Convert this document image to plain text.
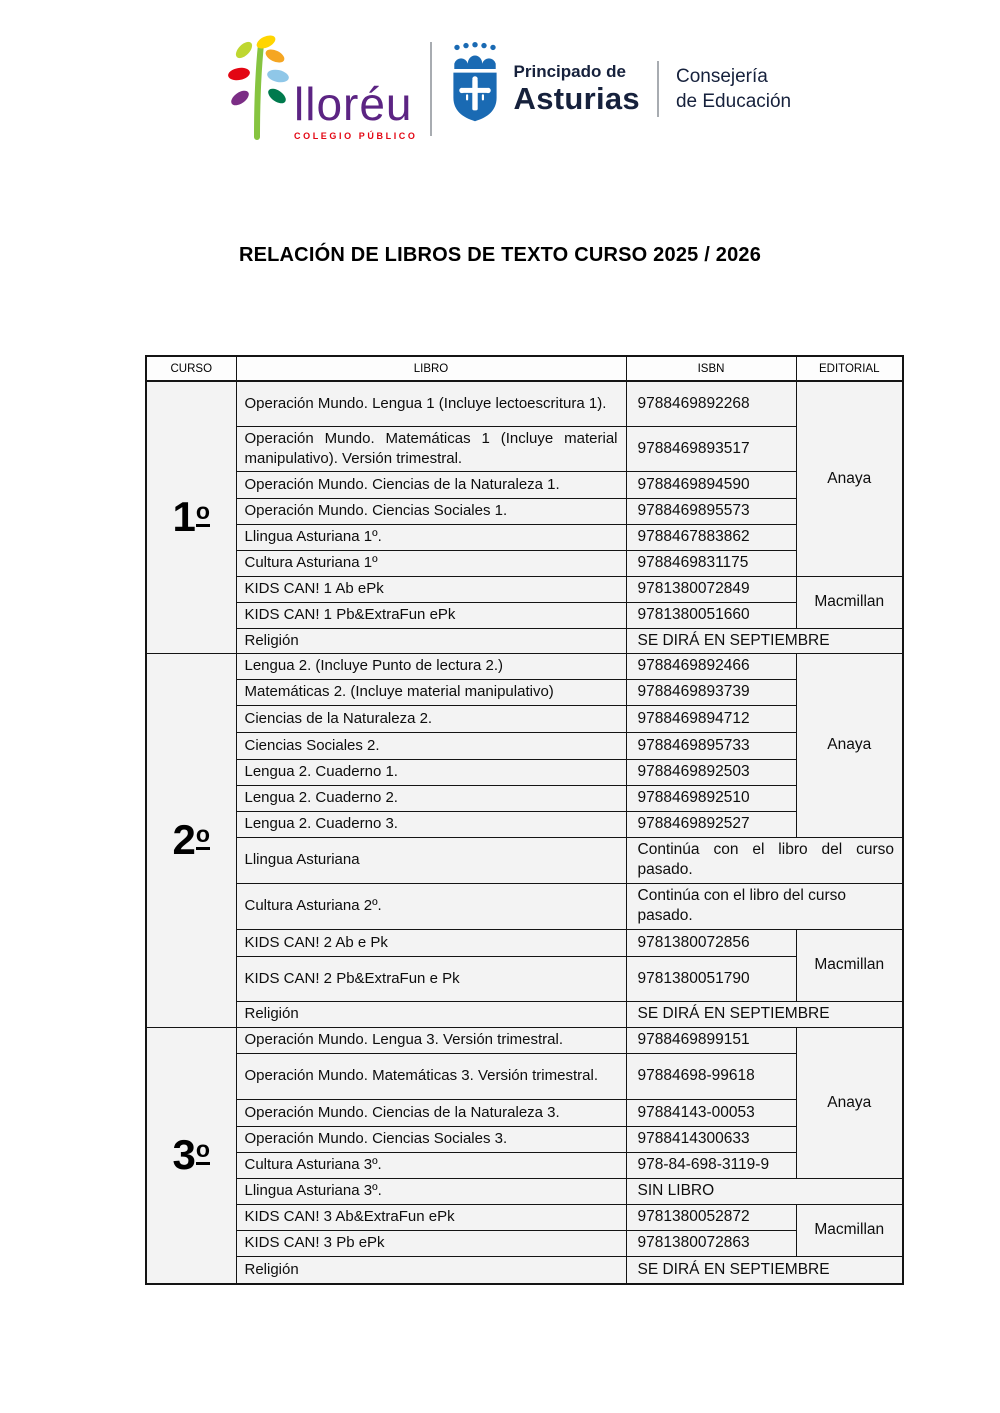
lloréu
COLEGIO PÚBLICO
Principado de
Asturias
Consejería
de Educación
RELACIÓN DE LIBROS DE TEXTO CURSO 2025 / 2026
CURSO	LIBRO	ISBN	EDITORIAL
1o	Operación Mundo. Lengua 1 (Incluye lectoescritura 1).	9788469892268	Anaya
	Operación Mundo. Matemáticas 1 (Incluye material manipulativo). Versión trimestral.	9788469893517	
	Operación Mundo. Ciencias de la Naturaleza 1.	9788469894590	
	Operación Mundo. Ciencias Sociales 1.	9788469895573	
	Llingua Asturiana 1º.	9788467883862	
	Cultura Asturiana 1º	9788469831175	
	KIDS CAN! 1 Ab ePk	9781380072849	Macmillan
	KIDS CAN! 1 Pb&ExtraFun ePk	9781380051660	
	Religión	SE DIRÁ EN SEPTIEMBRE	
2o	Lengua 2. (Incluye Punto de lectura 2.)	9788469892466	Anaya
	Matemáticas 2. (Incluye material manipulativo)	9788469893739	
	Ciencias de la Naturaleza 2.	9788469894712	
	Ciencias Sociales 2.	9788469895733	
	Lengua 2. Cuaderno 1.	9788469892503	
	Lengua 2. Cuaderno 2.	9788469892510	
	Lengua 2. Cuaderno 3.	9788469892527	
	Llingua Asturiana	Continúa con el libro del curso pasado.	
	Cultura Asturiana 2º.	Continúa con el libro del curso pasado.	
	KIDS CAN! 2 Ab e Pk	9781380072856	Macmillan
	KIDS CAN! 2 Pb&ExtraFun e Pk	9781380051790	
	Religión	SE DIRÁ EN SEPTIEMBRE	
3o	Operación Mundo. Lengua 3. Versión trimestral.	9788469899151	Anaya
	Operación Mundo. Matemáticas 3. Versión trimestral.	97884698-99618	
	Operación Mundo. Ciencias de la Naturaleza 3.	97884143-00053	
	Operación Mundo. Ciencias Sociales 3.	9788414300633	
	Cultura Asturiana 3º.	978-84-698-3119-9	
	Llingua Asturiana 3º.	SIN LIBRO	
	KIDS CAN! 3 Ab&ExtraFun ePk	9781380052872	Macmillan
	KIDS CAN! 3 Pb ePk	9781380072863	
	Religión	SE DIRÁ EN SEPTIEMBRE	
